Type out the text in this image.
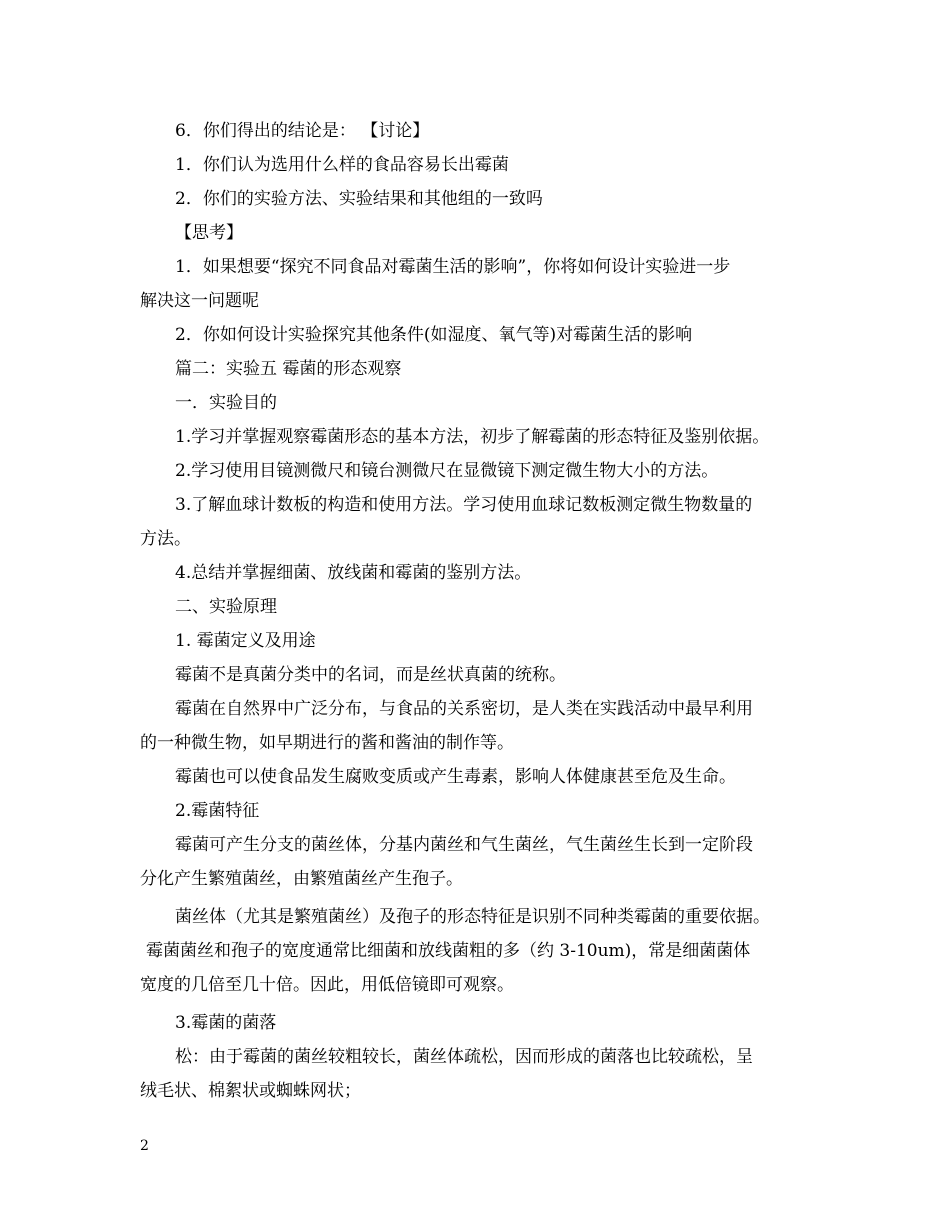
6．你们得出的结论是： 【讨论】
1．你们认为选用什么样的食品容易长出霉菌
2．你们的实验方法、实验结果和其他组的一致吗
【思考】
1．如果想要“探究不同食品对霉菌生活的影响”，你将如何设计实验进一步
解决这一问题呢
2．你如何设计实验探究其他条件(如湿度、氧气等)对霉菌生活的影响
篇二：实验五 霉菌的形态观察
一．实验目的
1.学习并掌握观察霉菌形态的基本方法，初步了解霉菌的形态特征及鉴别依据。
2.学习使用目镜测微尺和镜台测微尺在显微镜下测定微生物大小的方法。
3.了解血球计数板的构造和使用方法。学习使用血球记数板测定微生物数量的
方法。
4.总结并掌握细菌、放线菌和霉菌的鉴别方法。
二、实验原理
1. 霉菌定义及用途
霉菌不是真菌分类中的名词，而是丝状真菌的统称。
霉菌在自然界中广泛分布，与食品的关系密切，是人类在实践活动中最早利用
的一种微生物，如早期进行的酱和酱油的制作等。
霉菌也可以使食品发生腐败变质或产生毒素，影响人体健康甚至危及生命。
2.霉菌特征
霉菌可产生分支的菌丝体，分基内菌丝和气生菌丝，气生菌丝生长到一定阶段
分化产生繁殖菌丝，由繁殖菌丝产生孢子。
菌丝体（尤其是繁殖菌丝）及孢子的形态特征是识别不同种类霉菌的重要依据。
霉菌菌丝和孢子的宽度通常比细菌和放线菌粗的多（约 3-10um)，常是细菌菌体
宽度的几倍至几十倍。因此，用低倍镜即可观察。
3.霉菌的菌落
松：由于霉菌的菌丝较粗较长，菌丝体疏松，因而形成的菌落也比较疏松，呈
绒毛状、棉絮状或蜘蛛网状；
2
